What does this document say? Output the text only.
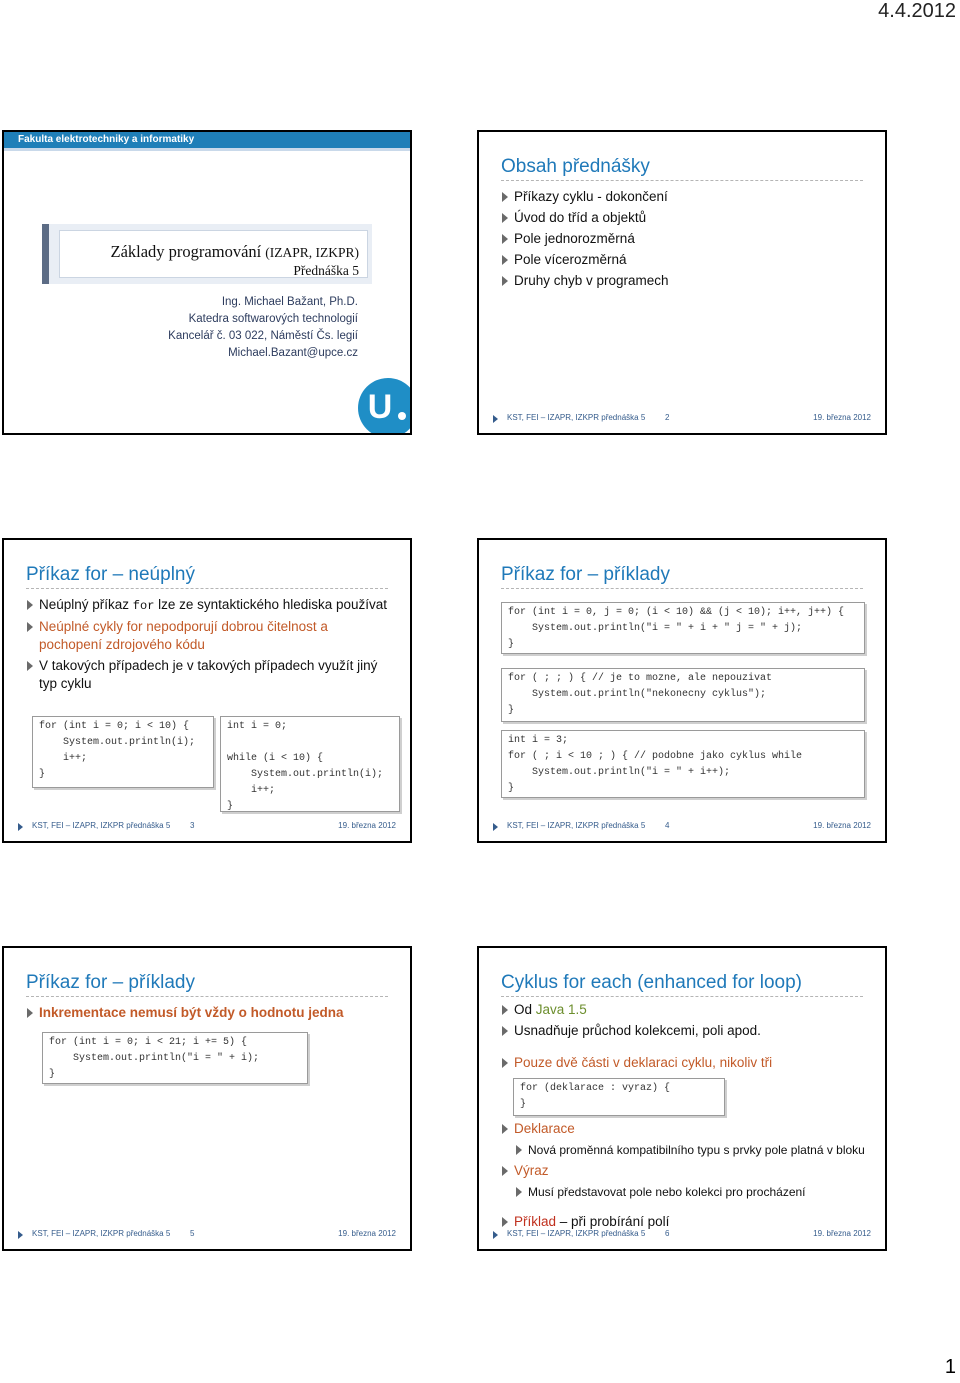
4.4.2012
Fakulta elektrotechniky a informatiky
Základy programování (IZAPR, IZKPR)
Přednáška 5
Ing. Michael Bažant, Ph.D.
Katedra softwarových technologií
Kancelář č. 03 022, Náměstí Čs. legií
Michael.Bazant@upce.cz
U
Obsah přednášky
Příkazy cyklu - dokončení
Úvod do tříd a objektů
Pole jednorozměrná
Pole vícerozměrná
Druhy chyb v programech
KST, FEI – IZAPR, IZKPR přednáška 5 2	19. března 2012
Příkaz for – neúplný
Neúplný příkaz for lze ze syntaktického hlediska používat
Neúplné cykly for nepodporují dobrou čitelnost a pochopení zdrojového kódu
V takových případech je v takových případech využít jiný typ cyklu
for (int i = 0; i < 10) {
System.out.println(i);
i++;
}
int i = 0;

while (i < 10) {
System.out.println(i);
i++;
}
KST, FEI – IZAPR, IZKPR přednáška 5 3	19. března 2012
Příkaz for – příklady
for (int i = 0, j = 0; (i < 10) && (j < 10); i++, j++) {
System.out.println("i = " + i + " j = " + j);
}
for ( ; ; ) { // je to mozne, ale nepouzivat
System.out.println("nekonecny cyklus");
}
int i = 3;
for ( ; i < 10 ; ) { // podobne jako cyklus while
System.out.println("i = " + i++);
}
KST, FEI – IZAPR, IZKPR přednáška 5 4	19. března 2012
Příkaz for – příklady
Inkrementace nemusí být vždy o hodnotu jedna
for (int i = 0; i < 21; i += 5) {
System.out.println("i = " + i);
}
KST, FEI – IZAPR, IZKPR přednáška 5 5	19. března 2012
Cyklus for each (enhanced for loop)
Od Java 1.5
Usnadňuje průchod kolekcemi, poli apod.
Pouze dvě části v deklaraci cyklu, nikoliv tři
for (deklarace : vyraz) {
}
Deklarace
Nová proměnná kompatibilního typu s prvky pole platná v bloku
Výraz
Musí představovat pole nebo kolekci pro procházení
Příklad – při probírání polí
KST, FEI – IZAPR, IZKPR přednáška 5 6	19. března 2012
1
